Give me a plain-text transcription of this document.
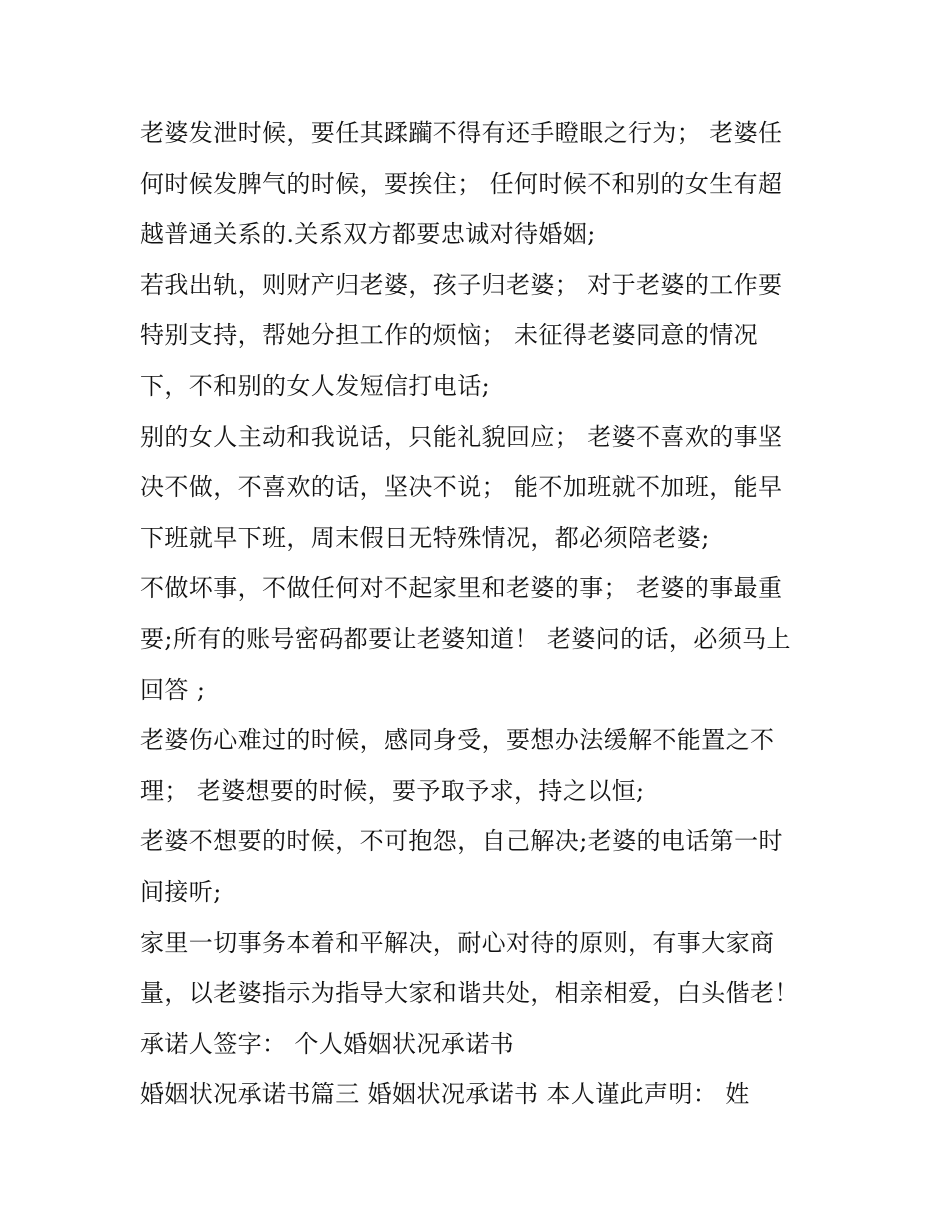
老婆发泄时候，要任其蹂躏不得有还手瞪眼之行为； 老婆任
何时候发脾气的时候，要挨住； 任何时候不和别的女生有超
越普通关系的.关系双方都要忠诚对待婚姻;
若我出轨，则财产归老婆，孩子归老婆； 对于老婆的工作要
特别支持，帮她分担工作的烦恼； 未征得老婆同意的情况
下，不和别的女人发短信打电话;
别的女人主动和我说话，只能礼貌回应； 老婆不喜欢的事坚
决不做，不喜欢的话，坚决不说； 能不加班就不加班，能早
下班就早下班，周末假日无特殊情况，都必须陪老婆;
不做坏事，不做任何对不起家里和老婆的事； 老婆的事最重
要;所有的账号密码都要让老婆知道！ 老婆问的话，必须马上
回答 ;
老婆伤心难过的时候，感同身受，要想办法缓解不能置之不
理； 老婆想要的时候，要予取予求，持之以恒;
老婆不想要的时候，不可抱怨，自己解决;老婆的电话第一时
间接听;
家里一切事务本着和平解决，耐心对待的原则，有事大家商
量，以老婆指示为指导大家和谐共处，相亲相爱，白头偕老！
承诺人签字： 个人婚姻状况承诺书
婚姻状况承诺书篇三 婚姻状况承诺书 本人谨此声明： 姓
